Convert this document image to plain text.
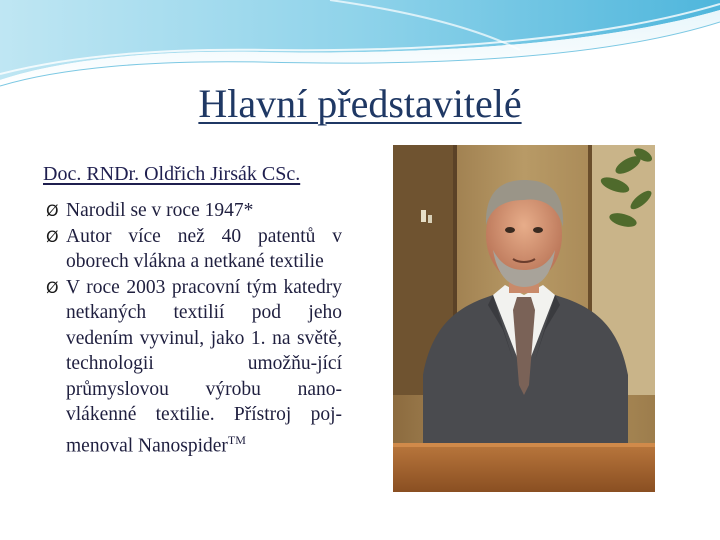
Hlavní představitelé

Doc. RNDr. Oldřich Jirsák CSc.

Ø Narodil se v roce 1947*
Ø Autor více než 40 patentů v oborech vlákna a netkané textilie
Ø V roce 2003 pracovní tým katedry netkaných textilií pod jeho vedením vyvinul, jako 1. na světě, technologii umožňu-jící průmyslovou výrobu nano-vlákenné textilie. Přístroj poj-menoval Nanospider™
